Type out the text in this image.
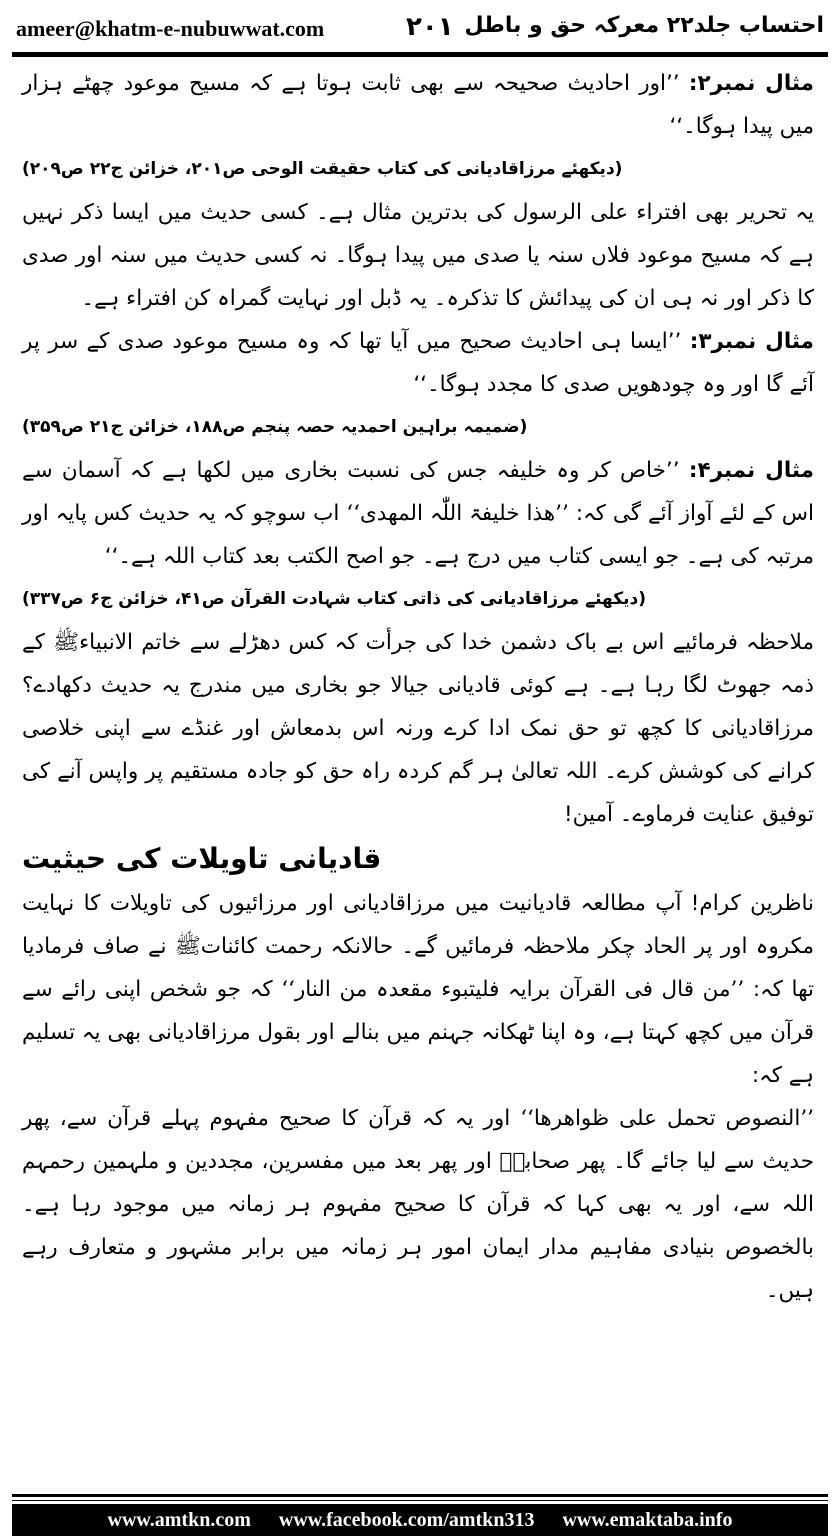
ameer@khatm-e-nubuwwat.com	۲۰۱ احتساب جلد۲۲ معرکہ حق و باطل

مثال نمبر۲: ’’اور احادیث صحیحہ سے بھی ثابت ہوتا ہے کہ مسیح موعود چھٹے ہزار میں پیدا ہوگا۔‘‘
(دیکھئے مرزاقادیانی کی کتاب حقیقت الوحی ص۲۰۱، خزائن ج۲۲ ص۲۰۹)

یہ تحریر بھی افتراء علی الرسول کی بدترین مثال ہے۔ کسی حدیث میں ایسا ذکر نہیں ہے کہ مسیح موعود فلاں سنہ یا صدی میں پیدا ہوگا۔ نہ کسی حدیث میں سنہ اور صدی کا ذکر اور نہ ہی ان کی پیدائش کا تذکرہ۔ یہ ڈبل اور نہایت گمراہ کن افتراء ہے۔

مثال نمبر۳: ’’ایسا ہی احادیث صحیح میں آیا تھا کہ وہ مسیح موعود صدی کے سر پر آئے گا اور وہ چودھویں صدی کا مجدد ہوگا۔‘‘
(ضمیمہ براہین احمدیہ حصہ پنجم ص۱۸۸، خزائن ج۲۱ ص۳۵۹)

مثال نمبر۴: ’’خاص کر وہ خلیفہ جس کی نسبت بخاری میں لکھا ہے کہ آسمان سے اس کے لئے آواز آئے گی کہ: ’’ھذا خلیفۃ اللّٰہ المھدی‘‘ اب سوچو کہ یہ حدیث کس پایہ اور مرتبہ کی ہے۔ جو ایسی کتاب میں درج ہے۔ جو اصح الکتب بعد کتاب اللہ ہے۔‘‘
(دیکھئے مرزاقادیانی کی ذاتی کتاب شہادت القرآن ص۴۱، خزائن ج۶ ص۳۳۷)

ملاحظہ فرمائیے اس بے باک دشمن خدا کی جرأت کہ کس دھڑلے سے خاتم الانبیاءﷺ کے ذمہ جھوٹ لگا رہا ہے۔ ہے کوئی قادیانی جیالا جو بخاری میں مندرج یہ حدیث دکھادے؟ مرزاقادیانی کا کچھ تو حق نمک ادا کرے ورنہ اس بدمعاش اور غنڈے سے اپنی خلاصی کرانے کی کوشش کرے۔ اللہ تعالیٰ ہر گم کردہ راہ حق کو جادہ مستقیم پر واپس آنے کی توفیق عنایت فرماوے۔ آمین!

قادیانی تاویلات کی حیثیت

ناظرین کرام! آپ مطالعہ قادیانیت میں مرزاقادیانی اور مرزائیوں کی تاویلات کا نہایت مکروہ اور پر الحاد چکر ملاحظہ فرمائیں گے۔ حالانکہ رحمت کائناتﷺ نے صاف فرمادیا تھا کہ: ’’من قال فی القرآن برایہ فلیتبوء مقعدہ من النار‘‘ کہ جو شخص اپنی رائے سے قرآن میں کچھ کہتا ہے، وہ اپنا ٹھکانہ جہنم میں بنالے اور بقول مرزاقادیانی بھی یہ تسلیم ہے کہ:

’’النصوص تحمل علی ظواھرھا‘‘ اور یہ کہ قرآن کا صحیح مفہوم پہلے قرآن سے، پھر حدیث سے لیا جائے گا۔ پھر صحابہؓ اور پھر بعد میں مفسرین، مجددین و ملہمین رحمہم اللہ سے، اور یہ بھی کہا کہ قرآن کا صحیح مفہوم ہر زمانہ میں موجود رہا ہے۔ بالخصوص بنیادی مفاہیم مدار ایمان امور ہر زمانہ میں برابر مشہور و متعارف رہے ہیں۔

www.amtkn.com www.facebook.com/amtkn313 www.emaktaba.info
